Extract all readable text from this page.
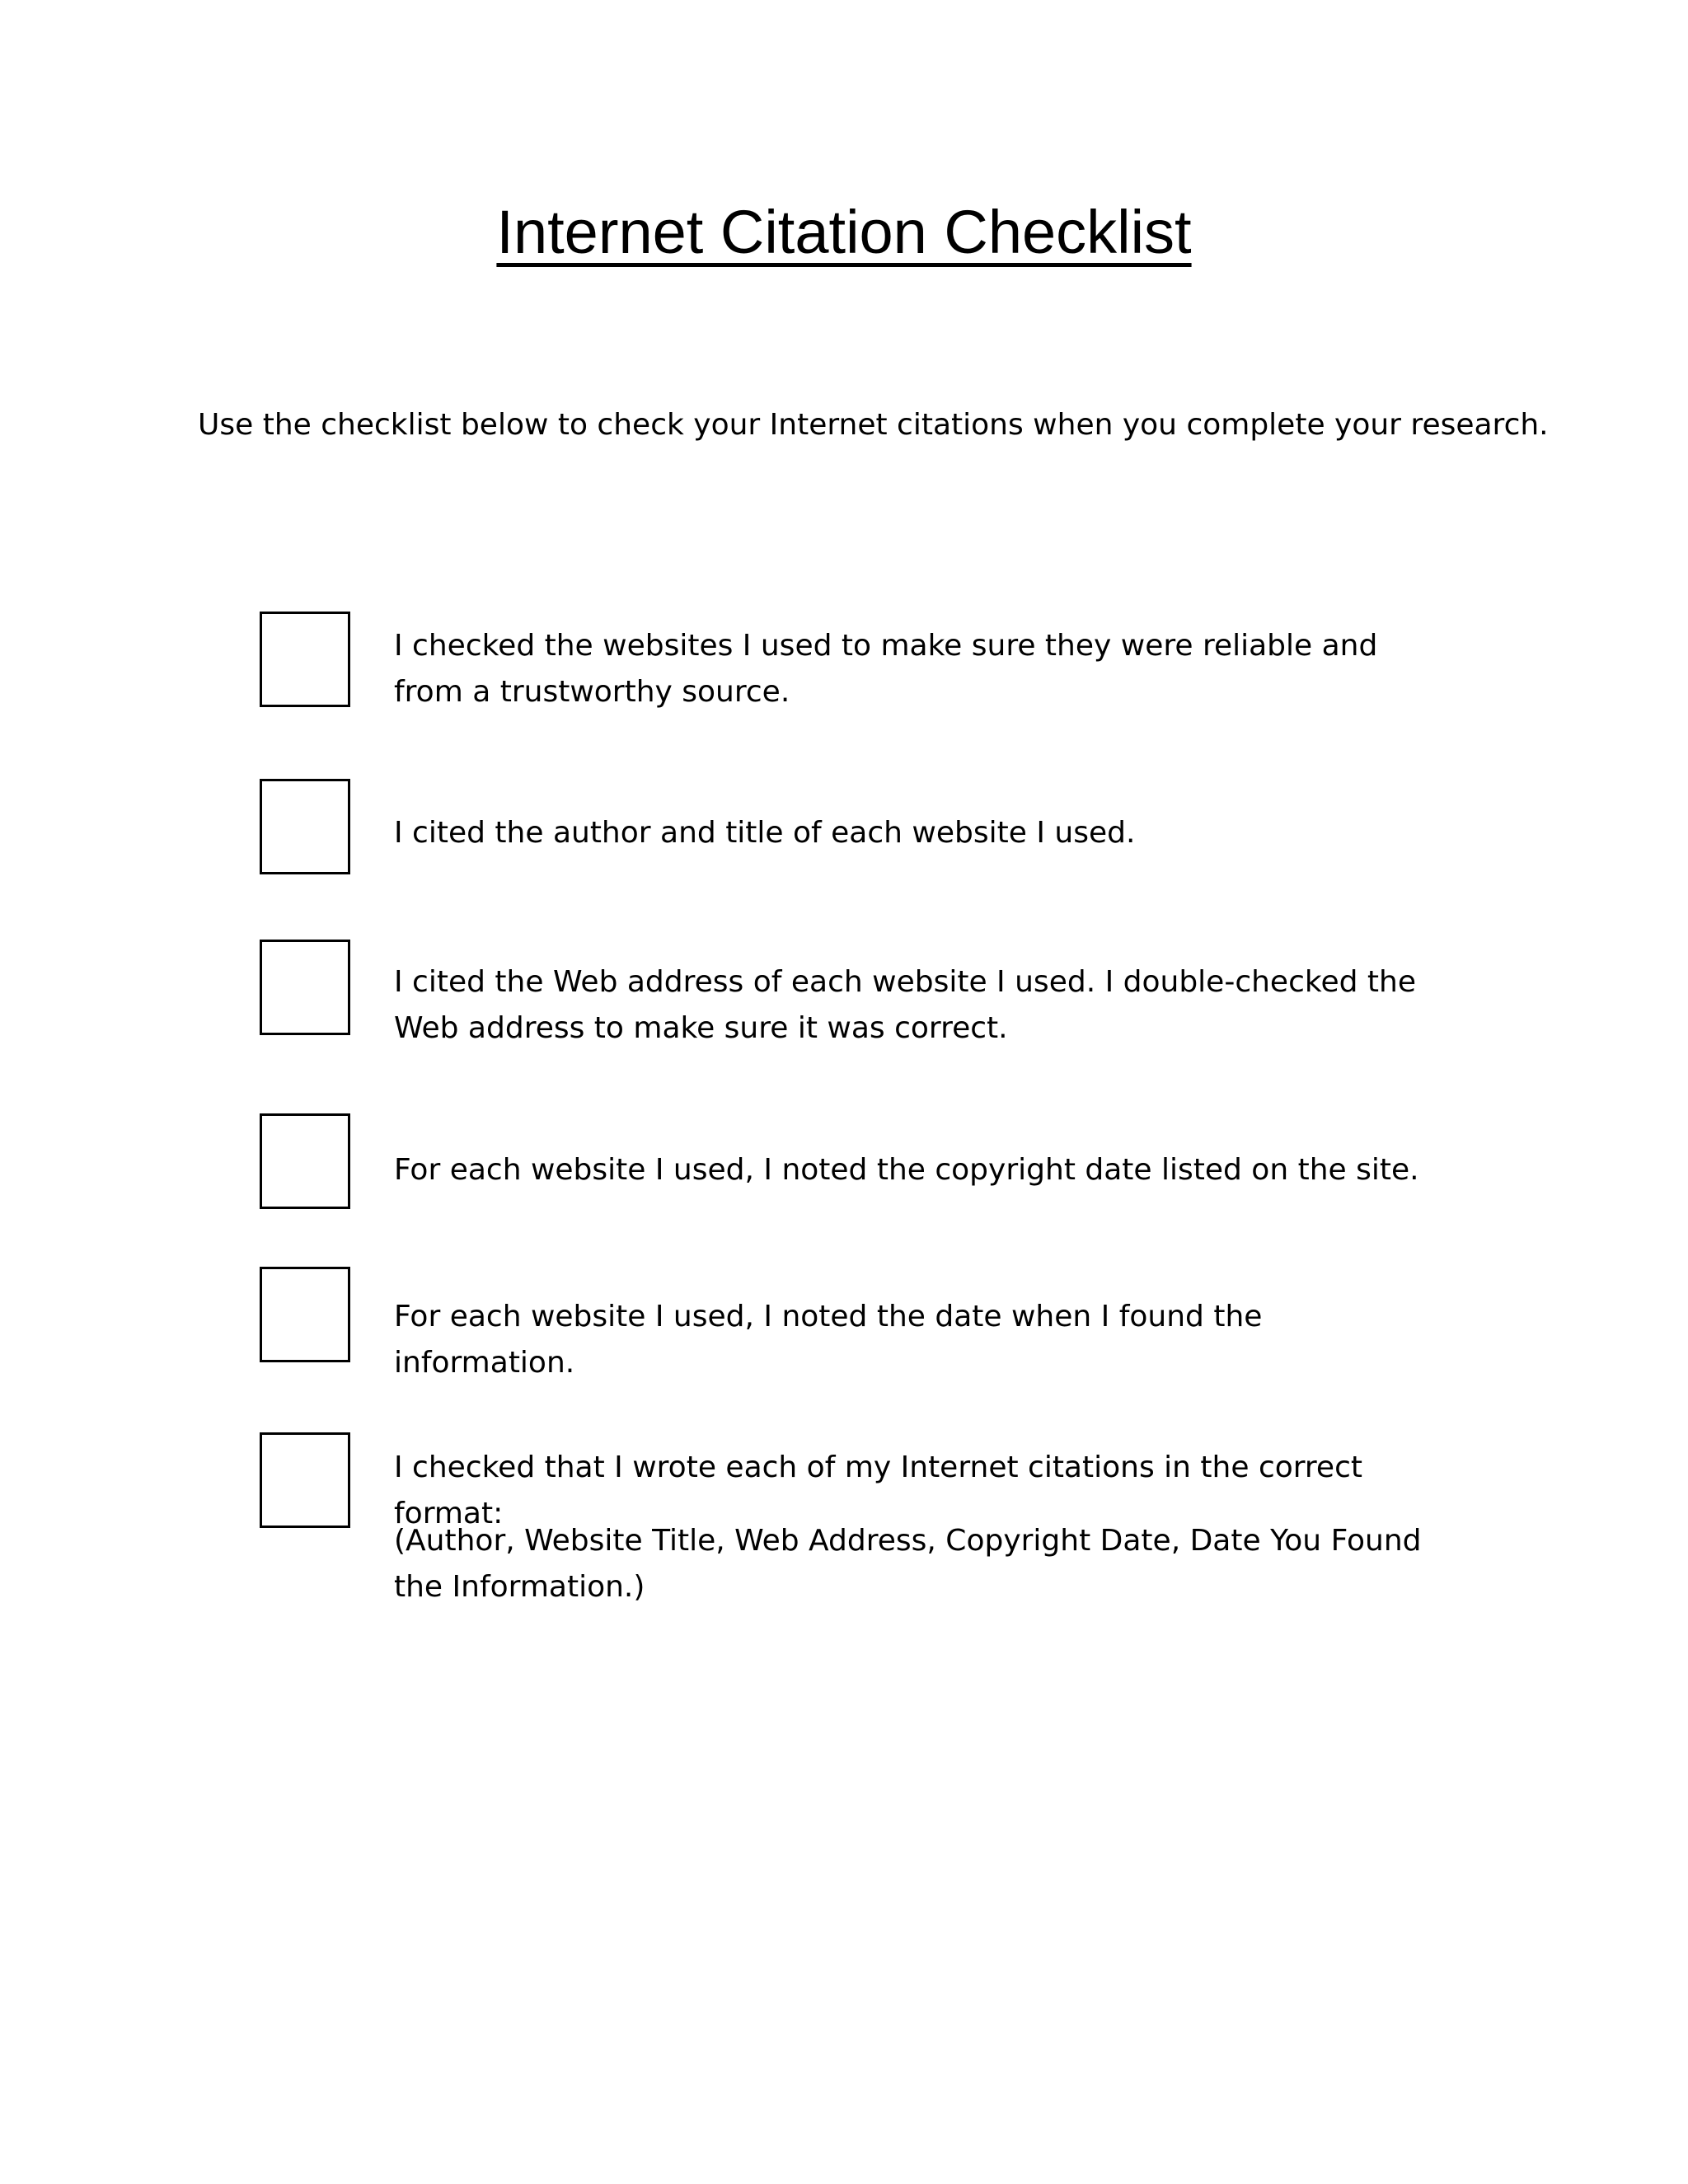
Internet Citation Checklist

Use the checklist below to check your Internet citations when you complete your research.

I checked the websites I used to make sure they were reliable and from a trustworthy source.

I cited the author and title of each website I used.

I cited the Web address of each website I used. I double-checked the Web address to make sure it was correct.

For each website I used, I noted the copyright date listed on the site.

For each website I used, I noted the date when I found the information.

I checked that I wrote each of my Internet citations in the correct format:

(Author, Website Title, Web Address, Copyright Date, Date You Found the Information.)
